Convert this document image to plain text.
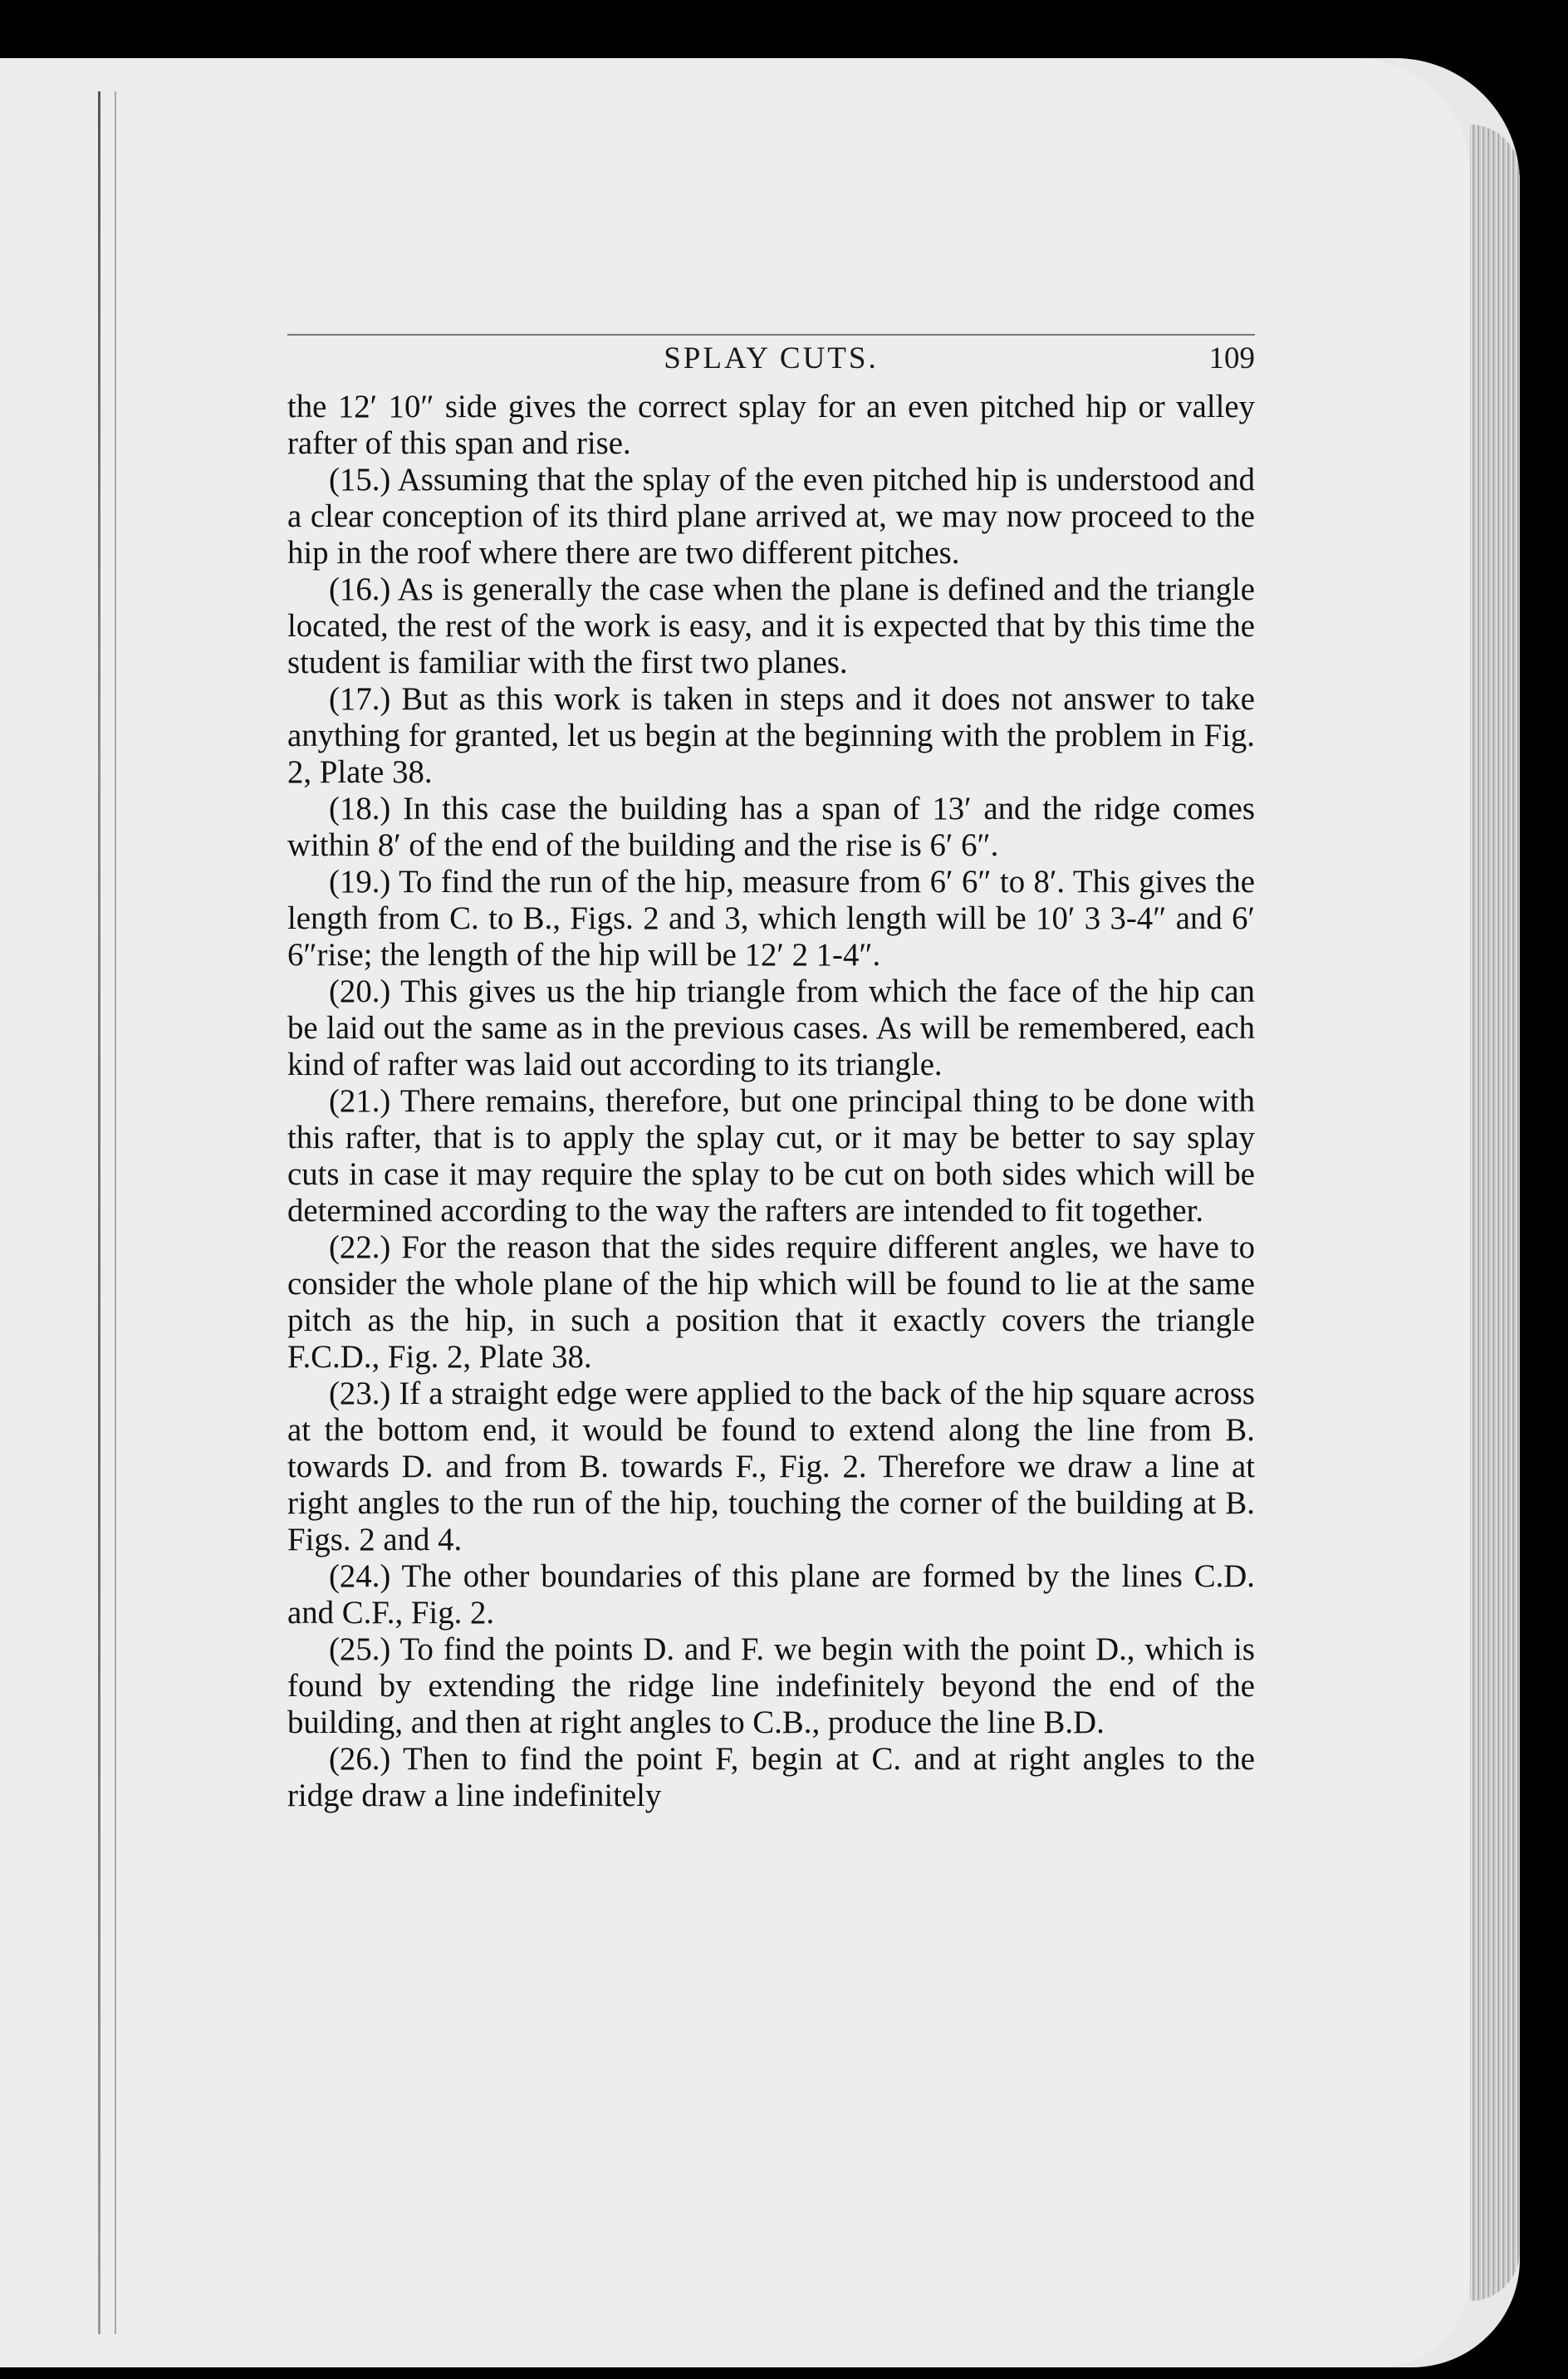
SPLAY CUTS.	109

the 12′ 10″ side gives the correct splay for an even pitched hip or valley rafter of this span and rise.

(15.) Assuming that the splay of the even pitched hip is understood and a clear conception of its third plane arrived at, we may now proceed to the hip in the roof where there are two different pitches.

(16.) As is generally the case when the plane is defined and the triangle located, the rest of the work is easy, and it is expected that by this time the student is familiar with the first two planes.

(17.) But as this work is taken in steps and it does not answer to take anything for granted, let us begin at the beginning with the problem in Fig. 2, Plate 38.

(18.) In this case the building has a span of 13′ and the ridge comes within 8′ of the end of the building and the rise is 6′ 6″.

(19.) To find the run of the hip, measure from 6′ 6″ to 8′. This gives the length from C. to B., Figs. 2 and 3, which length will be 10′ 3 3-4″ and 6′ 6″rise; the length of the hip will be 12′ 2 1-4″.

(20.) This gives us the hip triangle from which the face of the hip can be laid out the same as in the previous cases. As will be remembered, each kind of rafter was laid out according to its triangle.

(21.) There remains, therefore, but one principal thing to be done with this rafter, that is to apply the splay cut, or it may be better to say splay cuts in case it may require the splay to be cut on both sides which will be determined according to the way the rafters are intended to fit together.

(22.) For the reason that the sides require different angles, we have to consider the whole plane of the hip which will be found to lie at the same pitch as the hip, in such a position that it exactly covers the triangle F.C.D., Fig. 2, Plate 38.

(23.) If a straight edge were applied to the back of the hip square across at the bottom end, it would be found to extend along the line from B. towards D. and from B. towards F., Fig. 2. Therefore we draw a line at right angles to the run of the hip, touching the corner of the building at B. Figs. 2 and 4.

(24.) The other boundaries of this plane are formed by the lines C.D. and C.F., Fig. 2.

(25.) To find the points D. and F. we begin with the point D., which is found by extending the ridge line indefinitely beyond the end of the building, and then at right angles to C.B., produce the line B.D.

(26.) Then to find the point F, begin at C. and at right angles to the ridge draw a line indefinitely
